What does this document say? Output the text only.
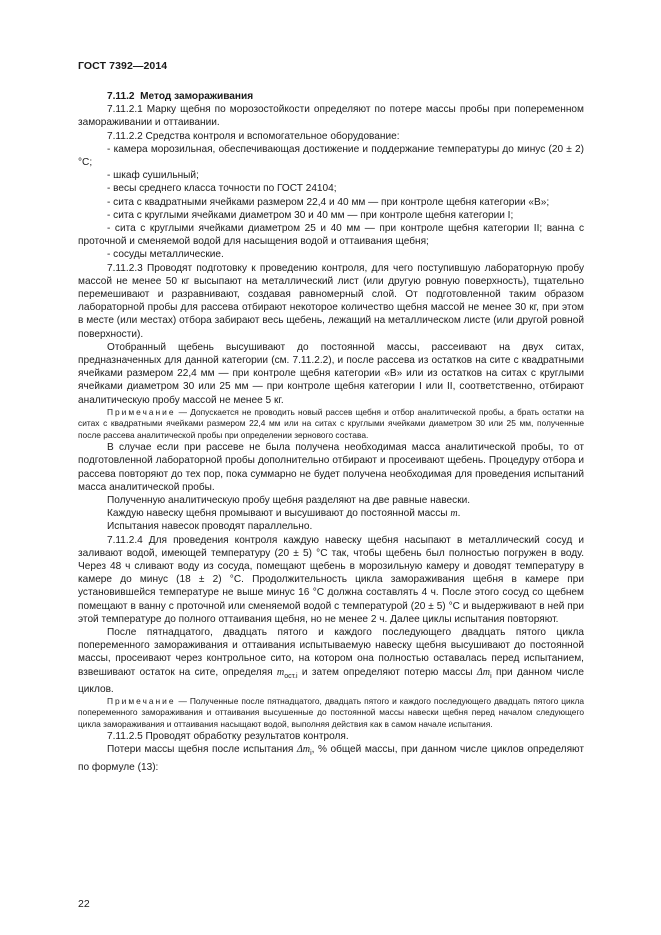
ГОСТ 7392—2014

7.11.2 Метод замораживания

7.11.2.1 Марку щебня по морозостойкости определяют по потере массы пробы при попеременном замораживании и оттаивании.

7.11.2.2 Средства контроля и вспомогательное оборудование:

- камера морозильная, обеспечивающая достижение и поддержание температуры до минус (20 ± 2) °С;

- шкаф сушильный;

- весы среднего класса точности по ГОСТ 24104;

- сита с квадратными ячейками размером 22,4 и 40 мм — при контроле щебня категории «В»;

- сита с круглыми ячейками диаметром 30 и 40 мм — при контроле щебня категории I;

- сита с круглыми ячейками диаметром 25 и 40 мм — при контроле щебня категории II; ванна с проточной и сменяемой водой для насыщения водой и оттаивания щебня;

- сосуды металлические.

7.11.2.3 Проводят подготовку к проведению контроля, для чего поступившую лабораторную пробу массой не менее 50 кг высыпают на металлический лист (или другую ровную поверхность), тщательно перемешивают и разравнивают, создавая равномерный слой. От подготовленной таким образом лабораторной пробы для рассева отбирают некоторое количество щебня массой не менее 30 кг, при этом в месте (или местах) отбора забирают весь щебень, лежащий на металлическом листе (или другой ровной поверхности).

Отобранный щебень высушивают до постоянной массы, рассеивают на двух ситах, предназначенных для данной категории (см. 7.11.2.2), и после рассева из остатков на сите с квадратными ячейками размером 22,4 мм — при контроле щебня категории «В» или из остатков на ситах с круглыми ячейками диаметром 30 или 25 мм — при контроле щебня категории I или II, соответственно, отбирают аналитическую пробу массой не менее 5 кг.

Примечание — Допускается не проводить новый рассев щебня и отбор аналитической пробы, а брать остатки на ситах с квадратными ячейками размером 22,4 мм или на ситах с круглыми ячейками диаметром 30 или 25 мм, полученные после рассева аналитической пробы при определении зернового состава.

В случае если при рассеве не была получена необходимая масса аналитической пробы, то от подготовленной лабораторной пробы дополнительно отбирают и просеивают щебень. Процедуру отбора и рассева повторяют до тех пор, пока суммарно не будет получена необходимая для проведения испытаний масса аналитической пробы.

Полученную аналитическую пробу щебня разделяют на две равные навески.

Каждую навеску щебня промывают и высушивают до постоянной массы m.

Испытания навесок проводят параллельно.

7.11.2.4 Для проведения контроля каждую навеску щебня насыпают в металлический сосуд и заливают водой, имеющей температуру (20 ± 5) °С так, чтобы щебень был полностью погружен в воду. Через 48 ч сливают воду из сосуда, помещают щебень в морозильную камеру и доводят температуру в камере до минус (18 ± 2) °С. Продолжительность цикла замораживания щебня в камере при установившейся температуре не выше минус 16 °С должна составлять 4 ч. После этого сосуд со щебнем помещают в ванну с проточной или сменяемой водой с температурой (20 ± 5) °С и выдерживают в ней при этой температуре до полного оттаивания щебня, но не менее 2 ч. Далее циклы испытания повторяют.

После пятнадцатого, двадцать пятого и каждого последующего двадцать пятого цикла попеременного замораживания и оттаивания испытываемую навеску щебня высушивают до постоянной массы, просеивают через контрольное сито, на котором она полностью оставалась перед испытанием, взвешивают остаток на сите, определяя $m_{ост.i}$ и затем определяют потерю массы $\Delta m_i$ при данном числе циклов.

Примечание — Полученные после пятнадцатого, двадцать пятого и каждого последующего двадцать пятого цикла попеременного замораживания и оттаивания высушенные до постоянной массы навески щебня перед началом следующего цикла замораживания и оттаивания насыщают водой, выполняя действия как в самом начале испытания.

7.11.2.5 Проводят обработку результатов контроля.

Потери массы щебня после испытания $\Delta m_i$, % общей массы, при данном числе циклов определяют по формуле (13):

22
